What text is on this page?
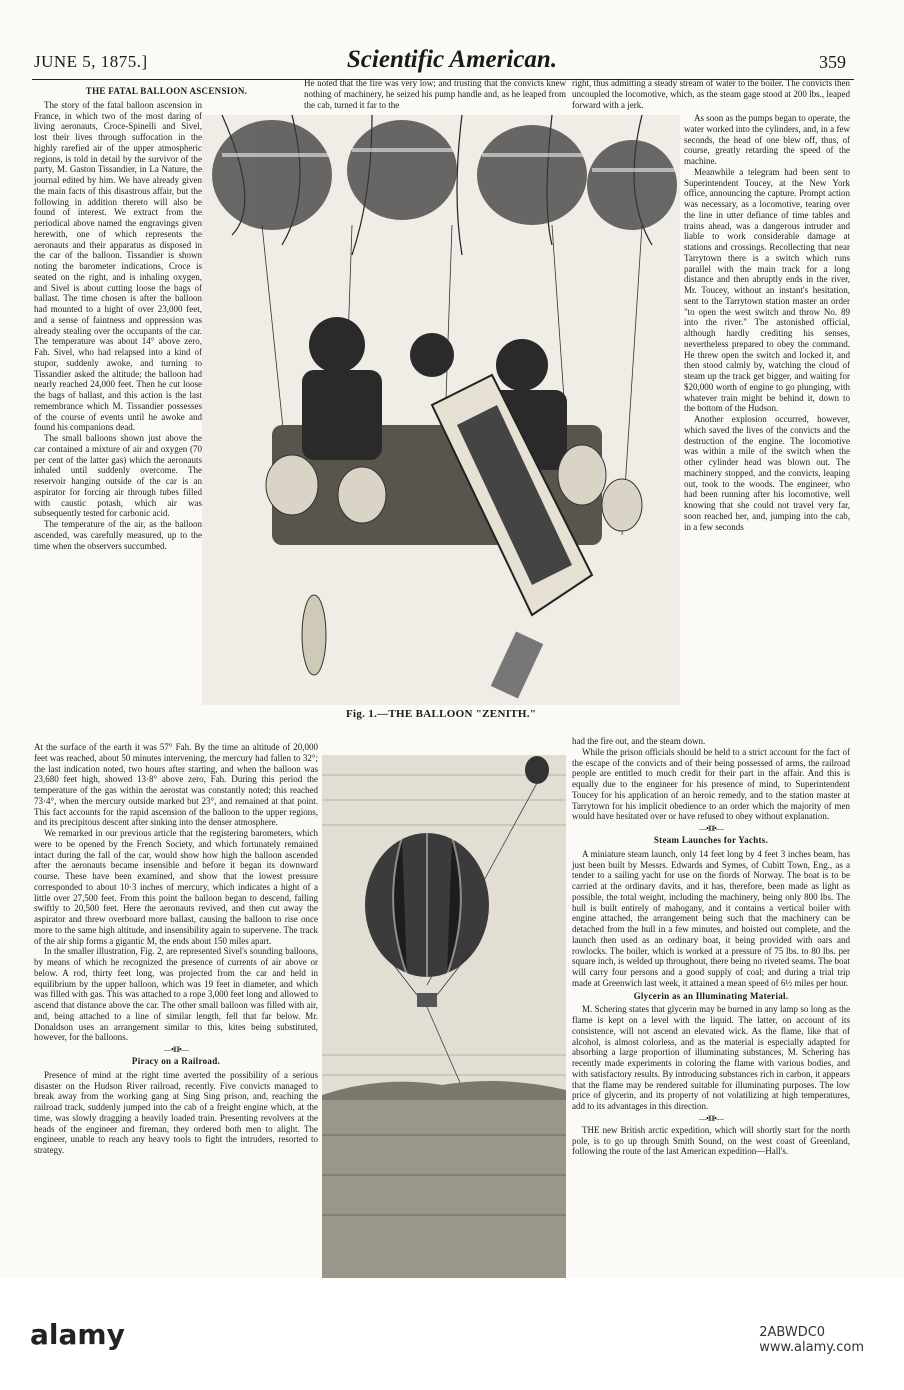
JUNE 5, 1875.]	Scientific American.	359
THE FATAL BALLOON ASCENSION.

The story of the fatal balloon ascension in France, in which two of the most daring of living aeronauts, Croce-Spinelli and Sivel, lost their lives through suffocation in the highly rarefied air of the upper atmospheric regions, is told in detail by the survivor of the party, M. Gaston Tissandier, in La Nature, the journal edited by him. We have already given the main facts of this disastrous affair, but the following in addition thereto will also be found of interest. We extract from the periodical above named the engravings given herewith, one of which represents the aeronauts and their apparatus as disposed in the car of the balloon. Tissandier is shown noting the barometer indications, Croce is seated on the right, and is inhaling oxygen, and Sivel is about cutting loose the bags of ballast. The time chosen is after the balloon had mounted to a hight of over 23,000 feet, and a sense of faintness and oppression was already stealing over the occupants of the car. The temperature was about 14° above zero, Fah. Sivel, who had relapsed into a kind of stupor, suddenly awoke, and turning to Tissandier asked the altitude; the balloon had nearly reached 24,000 feet. Then he cut loose the bags of ballast, and this action is the last remembrance which M. Tissandier possesses of the course of events until he awoke and found his companions dead.

The small balloons shown just above the car contained a mixture of air and oxygen (70 per cent of the latter gas) which the aeronauts inhaled until suddenly overcome. The reservoir hanging outside of the car is an aspirator for forcing air through tubes filled with caustic potash, which air was subsequently tested for carbonic acid.

The temperature of the air, as the balloon ascended, was carefully measured, up to the time when the observers succumbed.

He noted that the fire was very low; and trusting that the convicts knew nothing of machinery, he seized his pump handle and, as he leaped from the cab, turned it far to the

right, thus admitting a steady stream of water to the boiler. The convicts then uncoupled the locomotive, which, as the steam gage stood at 200 lbs., leaped forward with a jerk.

As soon as the pumps began to operate, the water worked into the cylinders, and, in a few seconds, the head of one blew off, thus, of course, greatly retarding the speed of the machine.

Meanwhile a telegram had been sent to Superintendent Toucey, at the New York office, announcing the capture. Prompt action was necessary, as a locomotive, tearing over the line in utter defiance of time tables and trains ahead, was a dangerous intruder and liable to work considerable damage at stations and crossings. Recollecting that near Tarrytown there is a switch which runs parallel with the main track for a long distance and then abruptly ends in the river, Mr. Toucey, without an instant's hesitation, sent to the Tarrytown station master an order "to open the west switch and throw No. 89 into the river." The astonished official, although hardly crediting his senses, nevertheless prepared to obey the command. He threw open the switch and locked it, and then stood calmly by, watching the cloud of steam up the track get bigger, and waiting for $20,000 worth of engine to go plunging, with whatever train might be behind it, down to the bottom of the Hudson.

Another explosion occurred, however, which saved the lives of the convicts and the destruction of the engine. The locomotive was within a mile of the switch when the other cylinder head was blown out. The machinery stopped, and the convicts, leaping out, took to the woods. The engineer, who had been running after his locomotive, well knowing that she could not travel very far, soon reached her, and, jumping into the cab, in a few seconds

Fig. 1.—THE BALLOON "ZENITH."

At the surface of the earth it was 57° Fah. By the time an altitude of 20,000 feet was reached, about 50 minutes intervening, the mercury had fallen to 32°; the last indication noted, two hours after starting, and when the balloon was 23,680 feet high, showed 13·8° above zero, Fah. During this period the temperature of the gas within the aerostat was constantly noted; this reached 73·4°, when the mercury outside marked but 23°, and remained at that point. This fact accounts for the rapid ascension of the balloon to the upper regions, and its precipitous descent after sinking into the denser atmosphere.

We remarked in our previous article that the registering barometers, which were to be opened by the French Society, and which fortunately remained intact during the fall of the car, would show how high the balloon ascended after the aeronauts became insensible and before it began its downward course. These have been examined, and show that the lowest pressure corresponded to about 10·3 inches of mercury, which indicates a hight of a little over 27,500 feet. From this point the balloon began to descend, falling swiftly to 20,500 feet. Here the aeronauts revived, and then cut away the aspirator and threw overboard more ballast, causing the balloon to rise once more to the same high altitude, and insensibility again to supervene. The track of the air ship forms a gigantic M, the ends about 150 miles apart.

In the smaller illustration, Fig. 2, are represented Sivel's sounding balloons, by means of which he recognized the presence of currents of air above or below. A rod, thirty feet long, was projected from the car and held in equilibrium by the upper balloon, which was 19 feet in diameter, and which was filled with gas. This was attached to a rope 3,000 feet long and allowed to ascend that distance above the car. The other small balloon was filled with air, and, being attached to a line of similar length, fell that far below. Mr. Donaldson uses an arrangement similar to this, kites being substituted, however, for the balloons.

—•I0I•—
Piracy on a Railroad.

Presence of mind at the right time averted the possibility of a serious disaster on the Hudson River railroad, recently. Five convicts managed to break away from the working gang at Sing Sing prison, and, reaching the railroad track, suddenly jumped into the cab of a freight engine which, at the time, was slowly dragging a heavily loaded train. Presenting revolvers at the heads of the engineer and fireman, they ordered both men to alight. The engineer, unable to reach any heavy tools to fight the intruders, resorted to strategy.

had the fire out, and the steam down.

While the prison officials should be held to a strict account for the fact of the escape of the convicts and of their being possessed of arms, the railroad people are entitled to much credit for their part in the affair. And this is equally due to the engineer for his presence of mind, to Superintendent Toucey for his application of an heroic remedy, and to the station master at Tarrytown for his implicit obedience to an order which the majority of men would have hesitated over or have refused to obey without explanation.

—•I0I•—
Steam Launches for Yachts.

A miniature steam launch, only 14 feet long by 4 feet 3 inches beam, has just been built by Messrs. Edwards and Symes, of Cubitt Town, Eng., as a tender to a sailing yacht for use on the fiords of Norway. The boat is to be carried at the ordinary davits, and it has, therefore, been made as light as possible, the total weight, including the machinery, being only 800 lbs. The hull is built entirely of mahogany, and it contains a vertical boiler with engine attached, the arrangement being such that the machinery can be detached from the hull in a few minutes, and hoisted out complete, and the launch then used as an ordinary boat, it being provided with oars and rowlocks. The boiler, which is worked at a pressure of 75 lbs. to 80 lbs. per square inch, is welded up throughout, there being no riveted seams. The boat will carry four persons and a good supply of coal; and during a trial trip made at Greenwich last week, it attained a mean speed of 6½ miles per hour.

Glycerin as an Illuminating Material.

M. Schering states that glycerin may be burned in any lamp so long as the flame is kept on a level with the liquid. The latter, on account of its consistence, will not ascend an elevated wick. As the flame, like that of alcohol, is almost colorless, and as the material is especially adapted for absorbing a large proportion of illuminating substances, M. Schering has recently made experiments in coloring the flame with various bodies, and with satisfactory results. By introducing substances rich in carbon, it appears that the flame may be rendered suitable for illuminating purposes. The low price of glycerin, and its property of not volatilizing at high temperatures, add to its advantages in this direction.

—•I0I•—

THE new British arctic expedition, which will shortly start for the north pole, is to go up through Smith Sound, on the west coast of Greenland, following the route of the last American expedition—Hall's.

alamy	2ABWDC0
www.alamy.com
